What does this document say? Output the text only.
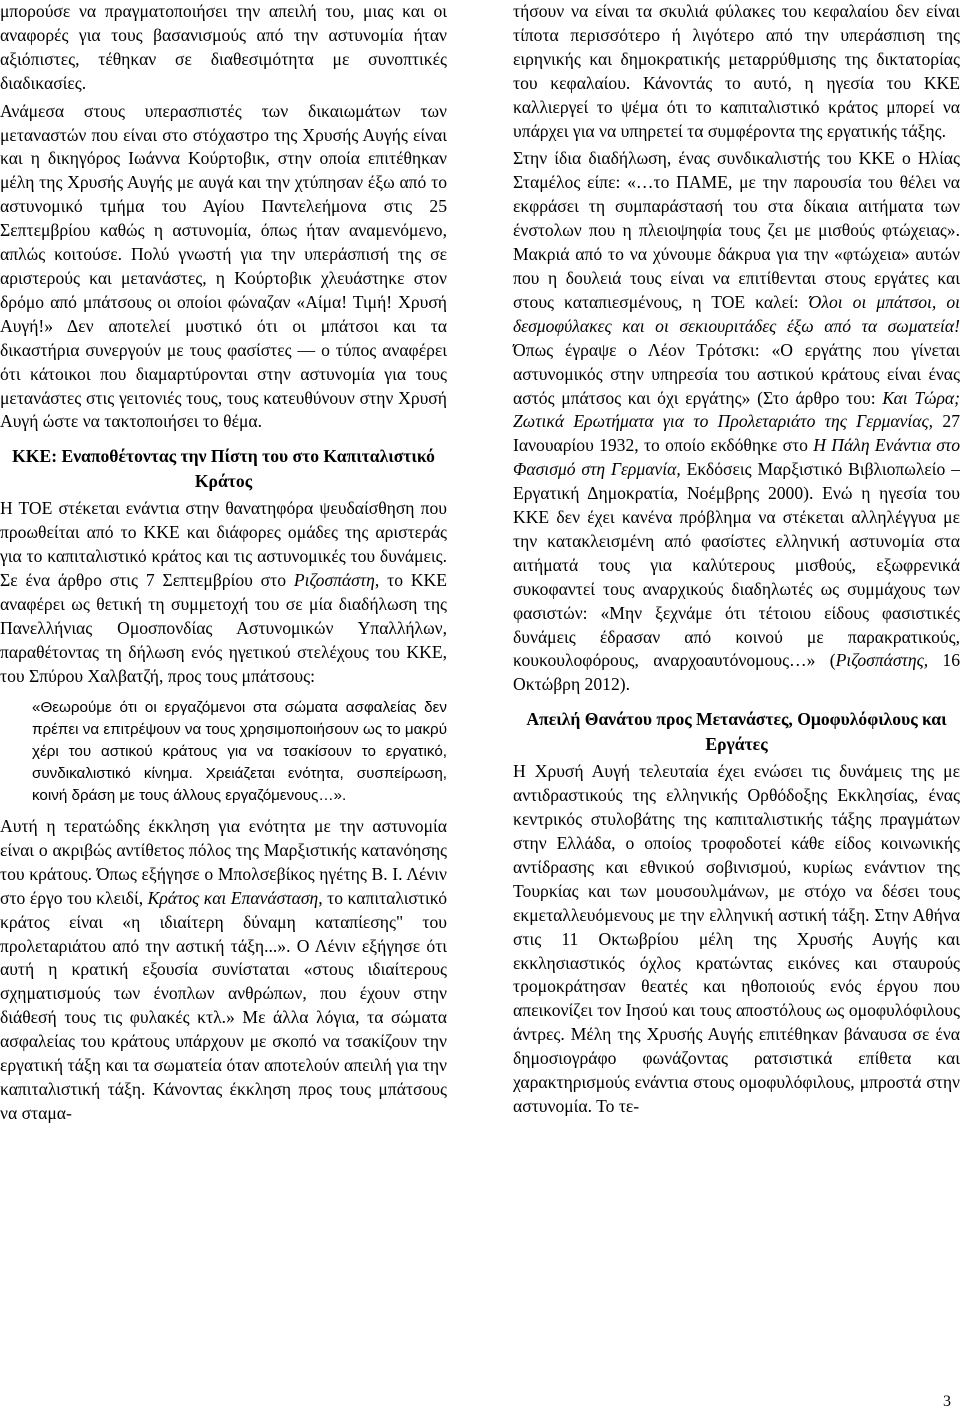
μπορούσε να πραγματοποιήσει την απειλή του, μιας και οι αναφορές για τους βασανισμούς από την αστυνομία ήταν αξιόπιστες, τέθηκαν σε διαθεσιμότητα με συνοπτικές διαδικασίες.

Ανάμεσα στους υπερασπιστές των δικαιωμάτων των μεταναστών που είναι στο στόχαστρο της Χρυσής Αυγής είναι και η δικηγόρος Ιωάννα Κούρτοβικ, στην οποία επιτέθηκαν μέλη της Χρυσής Αυγής με αυγά και την χτύπησαν έξω από το αστυνομικό τμήμα του Αγίου Παντελεήμονα στις 25 Σεπτεμβρίου καθώς η αστυνομία, όπως ήταν αναμενόμενο, απλώς κοιτούσε. Πολύ γνωστή για την υπεράσπισή της σε αριστερούς και μετανάστες, η Κούρτοβικ χλευάστηκε στον δρόμο από μπάτσους οι οποίοι φώναζαν «Αίμα! Τιμή! Χρυσή Αυγή!» Δεν αποτελεί μυστικό ότι οι μπάτσοι και τα δικαστήρια συνεργούν με τους φασίστες — ο τύπος αναφέρει ότι κάτοικοι που διαμαρτύρονται στην αστυνομία για τους μετανάστες στις γειτονιές τους, τους κατευθύνουν στην Χρυσή Αυγή ώστε να τακτοποιήσει το θέμα.

ΚΚΕ: Εναποθέτοντας την Πίστη του στο Καπιταλιστικό Κράτος

Η ΤΟΕ στέκεται ενάντια στην θανατηφόρα ψευδαίσθηση που προωθείται από το ΚΚΕ και διάφορες ομάδες της αριστεράς για το καπιταλιστικό κράτος και τις αστυνομικές του δυνάμεις. Σε ένα άρθρο στις 7 Σεπτεμβρίου στο Ριζοσπάστη, το ΚΚΕ αναφέρει ως θετική τη συμμετοχή του σε μία διαδήλωση της Πανελλήνιας Ομοσπονδίας Αστυνομικών Υπαλλήλων, παραθέτοντας τη δήλωση ενός ηγετικού στελέχους του ΚΚΕ, του Σπύρου Χαλβατζή, προς τους μπάτσους:

«Θεωρούμε ότι οι εργαζόμενοι στα σώματα ασφαλείας δεν πρέπει να επιτρέψουν να τους χρησιμοποιήσουν ως το μακρύ χέρι του αστικού κράτους για να τσακίσουν το εργατικό, συνδικαλιστικό κίνημα. Χρειάζεται ενότητα, συσπείρωση, κοινή δράση με τους άλλους εργαζόμενους…».

Αυτή η τερατώδης έκκληση για ενότητα με την αστυνομία είναι ο ακριβώς αντίθετος πόλος της Μαρξιστικής κατανόησης του κράτους. Όπως εξήγησε ο Μπολσεβίκος ηγέτης Β. Ι. Λένιν στο έργο του κλειδί, Κράτος και Επανάσταση, το καπιταλιστικό κράτος είναι «η ιδιαίτερη δύναμη καταπίεσης" του προλεταριάτου από την αστική τάξη...». Ο Λένιν εξήγησε ότι αυτή η κρατική εξουσία συνίσταται «στους ιδιαίτερους σχηματισμούς των ένοπλων ανθρώπων, που έχουν στην διάθεσή τους τις φυλακές κτλ.» Με άλλα λόγια, τα σώματα ασφαλείας του κράτους υπάρχουν με σκοπό να τσακίζουν την εργατική τάξη και τα σωματεία όταν αποτελούν απειλή για την καπιταλιστική τάξη. Κάνοντας έκκληση προς τους μπάτσους να σταμα-

τήσουν να είναι τα σκυλιά φύλακες του κεφαλαίου δεν είναι τίποτα περισσότερο ή λιγότερο από την υπεράσπιση της ειρηνικής και δημοκρατικής μεταρρύθμισης της δικτατορίας του κεφαλαίου. Κάνοντάς το αυτό, η ηγεσία του ΚΚΕ καλλιεργεί το ψέμα ότι το καπιταλιστικό κράτος μπορεί να υπάρχει για να υπηρετεί τα συμφέροντα της εργατικής τάξης.

Στην ίδια διαδήλωση, ένας συνδικαλιστής του ΚΚΕ ο Ηλίας Σταμέλος είπε: «…το ΠΑΜΕ, με την παρουσία του θέλει να εκφράσει τη συμπαράστασή του στα δίκαια αιτήματα των ένστολων που η πλειοψηφία τους ζει με μισθούς φτώχειας». Μακριά από το να χύνουμε δάκρυα για την «φτώχεια» αυτών που η δουλειά τους είναι να επιτίθενται στους εργάτες και στους καταπιεσμένους, η ΤΟΕ καλεί: Όλοι οι μπάτσοι, οι δεσμοφύλακες και οι σεκιουριτάδες έξω από τα σωματεία! Όπως έγραψε ο Λέον Τρότσκι: «Ο εργάτης που γίνεται αστυνομικός στην υπηρεσία του αστικού κράτους είναι ένας αστός μπάτσος και όχι εργάτης» (Στο άρθρο του: Και Τώρα; Ζωτικά Ερωτήματα για το Προλεταριάτο της Γερμανίας, 27 Ιανουαρίου 1932, το οποίο εκδόθηκε στο Η Πάλη Ενάντια στο Φασισμό στη Γερμανία, Εκδόσεις Μαρξιστικό Βιβλιοπωλείο – Εργατική Δημοκρατία, Νοέμβρης 2000). Ενώ η ηγεσία του ΚΚΕ δεν έχει κανένα πρόβλημα να στέκεται αλληλέγγυα με την κατακλεισμένη από φασίστες ελληνική αστυνομία στα αιτήματά τους για καλύτερους μισθούς, εξωφρενικά συκοφαντεί τους αναρχικούς διαδηλωτές ως συμμάχους των φασιστών: «Μην ξεχνάμε ότι τέτοιου είδους φασιστικές δυνάμεις έδρασαν από κοινού με παρακρατικούς, κουκουλοφόρους, αναρχοαυτόνομους…» (Ριζοσπάστης, 16 Οκτώβρη 2012).

Απειλή Θανάτου προς Μετανάστες, Ομοφυλόφιλους και Εργάτες

Η Χρυσή Αυγή τελευταία έχει ενώσει τις δυνάμεις της με αντιδραστικούς της ελληνικής Ορθόδοξης Εκκλησίας, ένας κεντρικός στυλοβάτης της καπιταλιστικής τάξης πραγμάτων στην Ελλάδα, ο οποίος τροφοδοτεί κάθε είδος κοινωνικής αντίδρασης και εθνικού σοβινισμού, κυρίως ενάντιον της Τουρκίας και των μουσουλμάνων, με στόχο να δέσει τους εκμεταλλευόμενους με την ελληνική αστική τάξη. Στην Αθήνα στις 11 Οκτωβρίου μέλη της Χρυσής Αυγής και εκκλησιαστικός όχλος κρατώντας εικόνες και σταυρούς τρομοκράτησαν θεατές και ηθοποιούς ενός έργου που απεικονίζει τον Ιησού και τους αποστόλους ως ομοφυλόφιλους άντρες. Μέλη της Χρυσής Αυγής επιτέθηκαν βάναυσα σε ένα δημοσιογράφο φωνάζοντας ρατσιστικά επίθετα και χαρακτηρισμούς ενάντια στους ομοφυλόφιλους, μπροστά στην αστυνομία. Το τε-

3
